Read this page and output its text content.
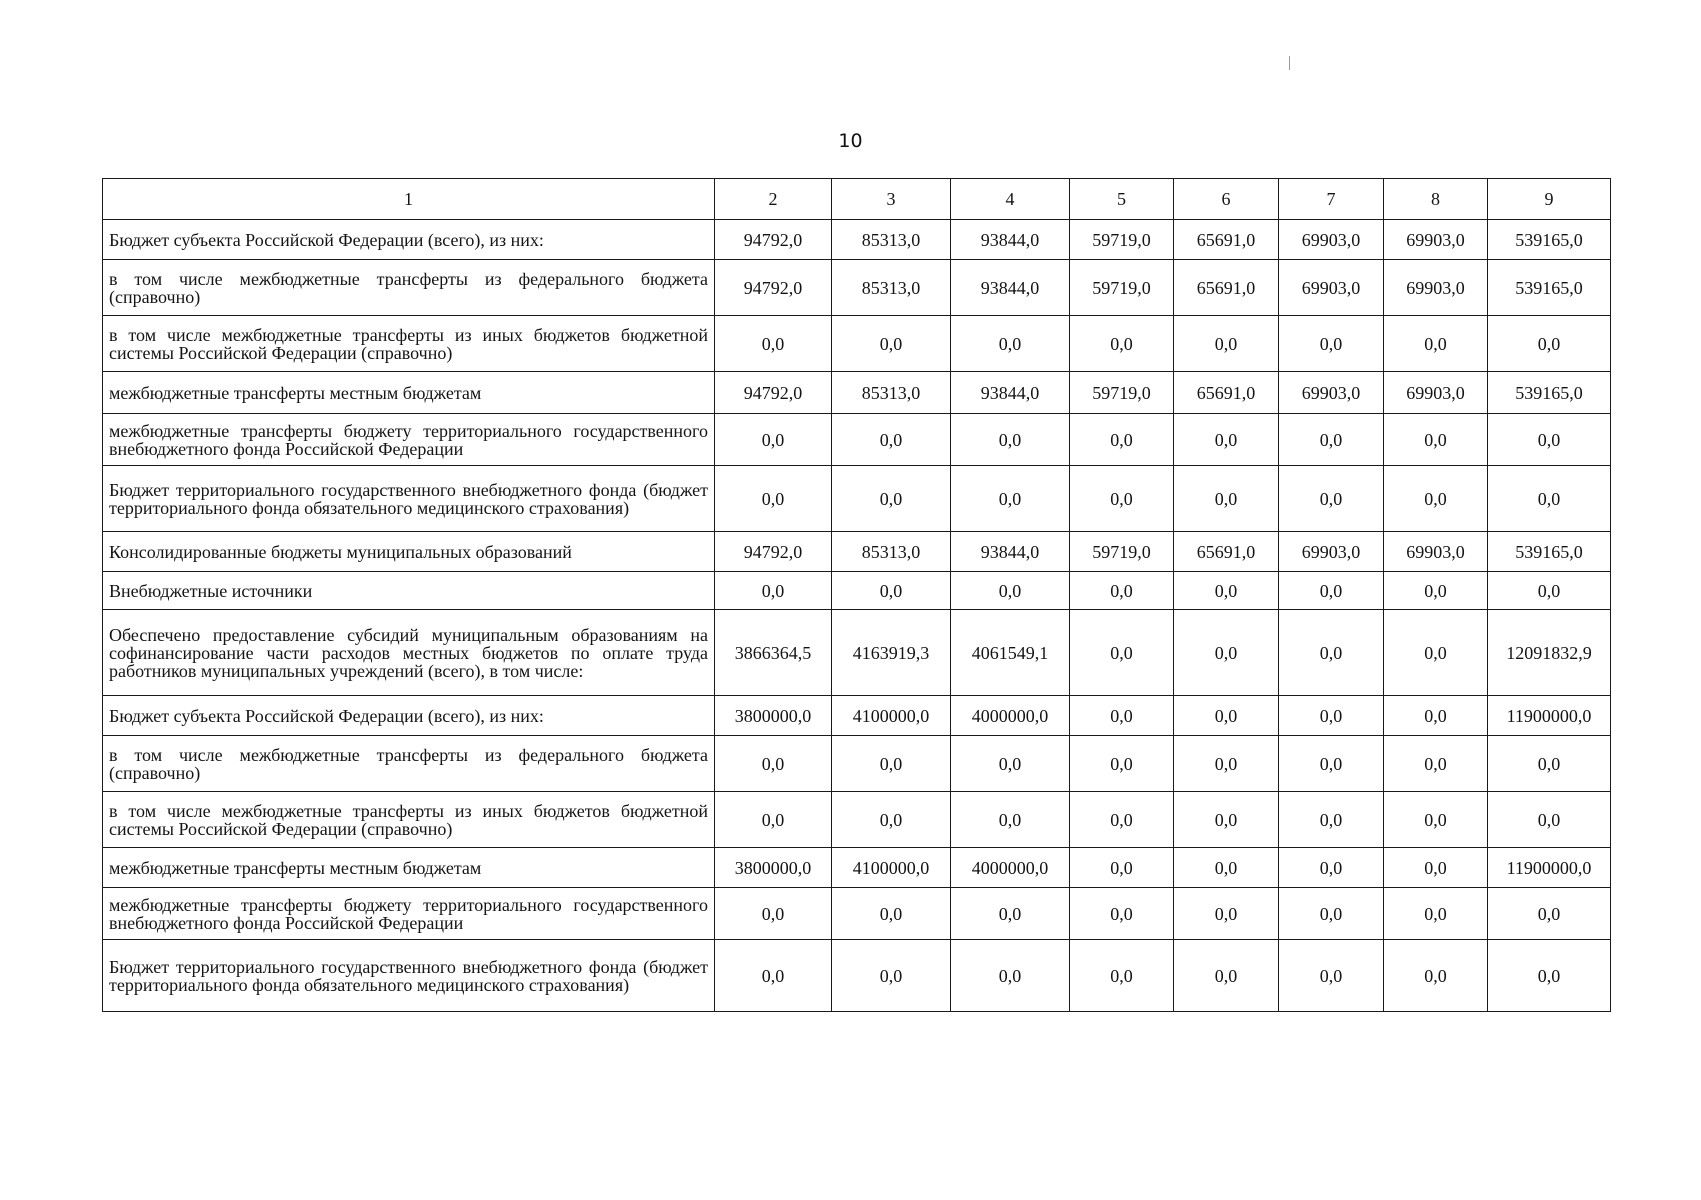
10
1	2	3	4	5	6	7	8	9
Бюджет субъекта Российской Федерации (всего), из них:	94792,0	85313,0	93844,0	59719,0	65691,0	69903,0	69903,0	539165,0
в том числе межбюджетные трансферты из федерального бюджета (справочно)	94792,0	85313,0	93844,0	59719,0	65691,0	69903,0	69903,0	539165,0
в том числе межбюджетные трансферты из иных бюджетов бюджетной системы Российской Федерации (справочно)	0,0	0,0	0,0	0,0	0,0	0,0	0,0	0,0
межбюджетные трансферты местным бюджетам	94792,0	85313,0	93844,0	59719,0	65691,0	69903,0	69903,0	539165,0
межбюджетные трансферты бюджету территориального государственного внебюджетного фонда Российской Федерации	0,0	0,0	0,0	0,0	0,0	0,0	0,0	0,0
Бюджет территориального государственного внебюджетного фонда (бюджет территориального фонда обязательного медицинского страхования)	0,0	0,0	0,0	0,0	0,0	0,0	0,0	0,0
Консолидированные бюджеты муниципальных образований	94792,0	85313,0	93844,0	59719,0	65691,0	69903,0	69903,0	539165,0
Внебюджетные источники	0,0	0,0	0,0	0,0	0,0	0,0	0,0	0,0
Обеспечено предоставление субсидий муниципальным образованиям на софинансирование части расходов местных бюджетов по оплате труда работников муниципальных учреждений (всего), в том числе:	3866364,5	4163919,3	4061549,1	0,0	0,0	0,0	0,0	12091832,9
Бюджет субъекта Российской Федерации (всего), из них:	3800000,0	4100000,0	4000000,0	0,0	0,0	0,0	0,0	11900000,0
в том числе межбюджетные трансферты из федерального бюджета (справочно)	0,0	0,0	0,0	0,0	0,0	0,0	0,0	0,0
в том числе межбюджетные трансферты из иных бюджетов бюджетной системы Российской Федерации (справочно)	0,0	0,0	0,0	0,0	0,0	0,0	0,0	0,0
межбюджетные трансферты местным бюджетам	3800000,0	4100000,0	4000000,0	0,0	0,0	0,0	0,0	11900000,0
межбюджетные трансферты бюджету территориального государственного внебюджетного фонда Российской Федерации	0,0	0,0	0,0	0,0	0,0	0,0	0,0	0,0
Бюджет территориального государственного внебюджетного фонда (бюджет территориального фонда обязательного медицинского страхования)	0,0	0,0	0,0	0,0	0,0	0,0	0,0	0,0
